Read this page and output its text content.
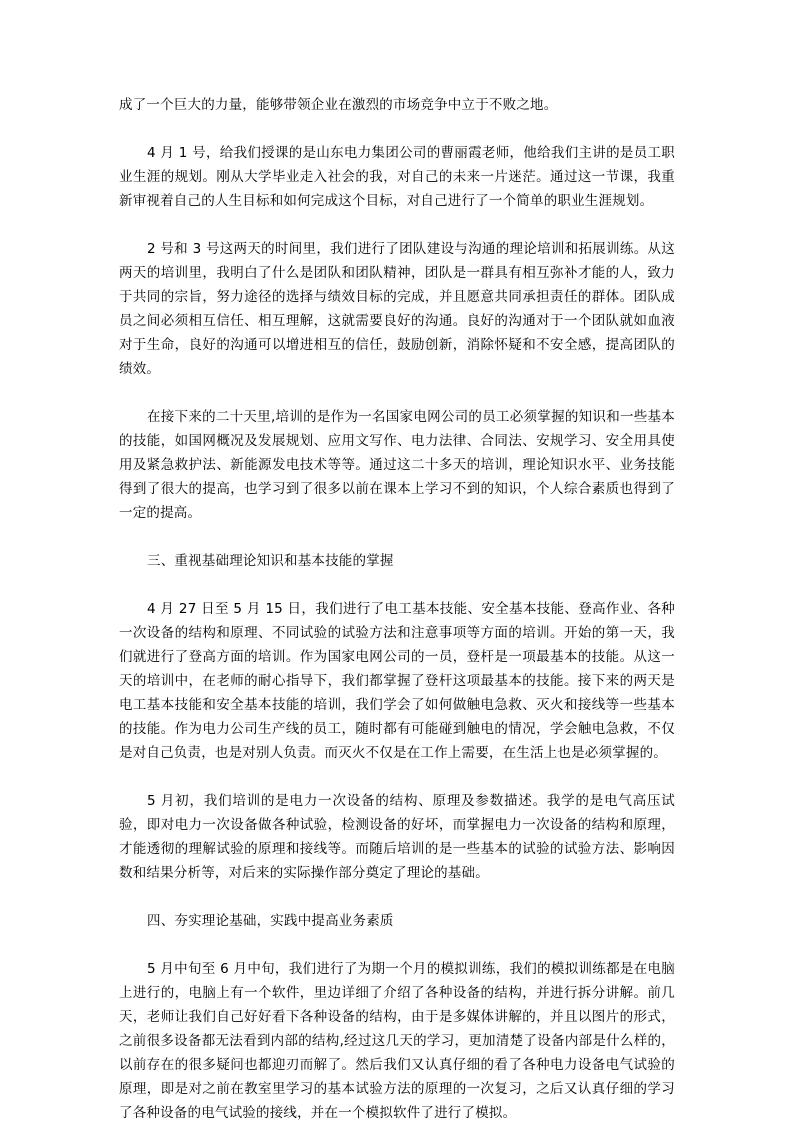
成了一个巨大的力量，能够带领企业在激烈的市场竞争中立于不败之地。

4 月 1 号，给我们授课的是山东电力集团公司的曹丽霞老师，他给我们主讲的是员工职业生涯的规划。刚从大学毕业走入社会的我，对自己的未来一片迷茫。通过这一节课，我重新审视着自己的人生目标和如何完成这个目标，对自己进行了一个简单的职业生涯规划。

2 号和 3 号这两天的时间里，我们进行了团队建设与沟通的理论培训和拓展训练。从这两天的培训里，我明白了什么是团队和团队精神，团队是一群具有相互弥补才能的人，致力于共同的宗旨，努力途径的选择与绩效目标的完成，并且愿意共同承担责任的群体。团队成员之间必须相互信任、相互理解，这就需要良好的沟通。良好的沟通对于一个团队就如血液对于生命，良好的沟通可以增进相互的信任，鼓励创新，消除怀疑和不安全感，提高团队的绩效。

在接下来的二十天里,培训的是作为一名国家电网公司的员工必须掌握的知识和一些基本的技能，如国网概况及发展规划、应用文写作、电力法律、合同法、安规学习、安全用具使用及紧急救护法、新能源发电技术等等。通过这二十多天的培训，理论知识水平、业务技能得到了很大的提高，也学习到了很多以前在课本上学习不到的知识，个人综合素质也得到了一定的提高。

三、重视基础理论知识和基本技能的掌握

4 月 27 日至 5 月 15 日，我们进行了电工基本技能、安全基本技能、登高作业、各种一次设备的结构和原理、不同试验的试验方法和注意事项等方面的培训。开始的第一天，我们就进行了登高方面的培训。作为国家电网公司的一员，登杆是一项最基本的技能。从这一天的培训中，在老师的耐心指导下，我们都掌握了登杆这项最基本的技能。接下来的两天是电工基本技能和安全基本技能的培训，我们学会了如何做触电急救、灭火和接线等一些基本的技能。作为电力公司生产线的员工，随时都有可能碰到触电的情况，学会触电急救，不仅是对自己负责，也是对别人负责。而灭火不仅是在工作上需要，在生活上也是必须掌握的。

5 月初，我们培训的是电力一次设备的结构、原理及参数描述。我学的是电气高压试验，即对电力一次设备做各种试验，检测设备的好坏，而掌握电力一次设备的结构和原理，才能透彻的理解试验的原理和接线等。而随后培训的是一些基本的试验的试验方法、影响因数和结果分析等，对后来的实际操作部分奠定了理论的基础。

四、夯实理论基础，实践中提高业务素质

5 月中旬至 6 月中旬，我们进行了为期一个月的模拟训练，我们的模拟训练都是在电脑上进行的，电脑上有一个软件，里边详细了介绍了各种设备的结构，并进行拆分讲解。前几天，老师让我们自己好好看下各种设备的结构，由于是多媒体讲解的，并且以图片的形式，之前很多设备都无法看到内部的结构,经过这几天的学习，更加清楚了设备内部是什么样的，以前存在的很多疑问也都迎刃而解了。然后我们又认真仔细的看了各种电力设备电气试验的原理，即是对之前在教室里学习的基本试验方法的原理的一次复习，之后又认真仔细的学习了各种设备的电气试验的接线，并在一个模拟软件了进行了模拟。
